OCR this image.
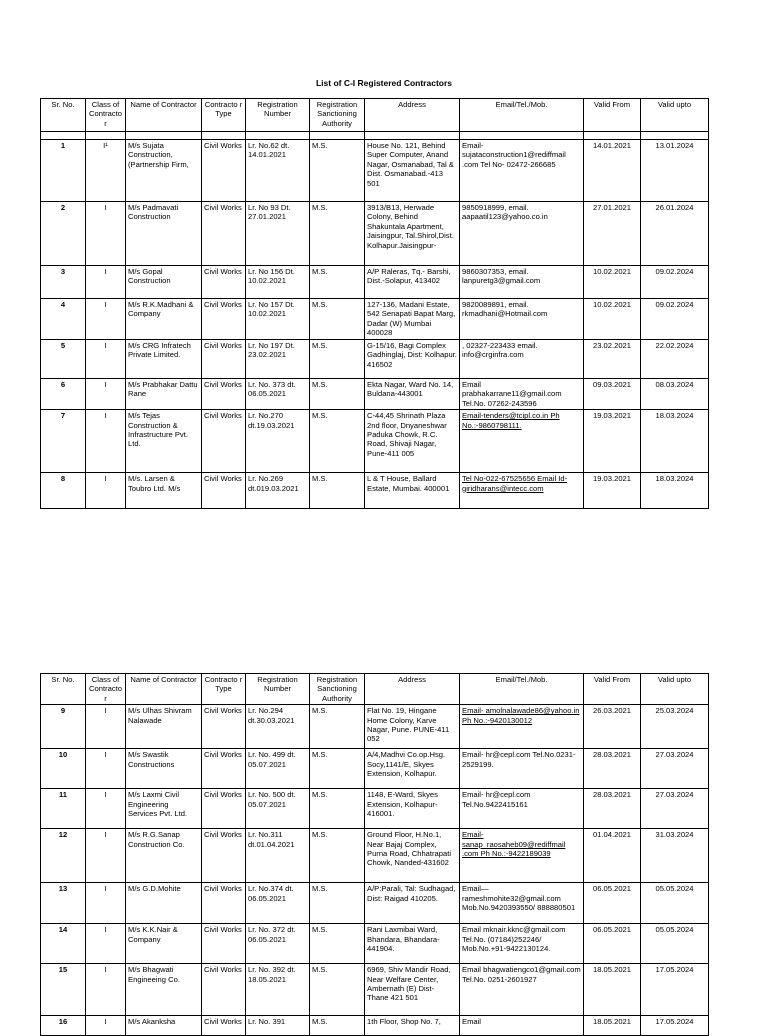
List of C-I Registered Contractors
Sr. No.	Class of Contracto r	Name of Contractor	Contracto r Type	Registration Number	Registration Sanctioning Authority	Address	Email/Tel./Mob.	Valid From	Valid upto

1	I¹	M/s Sujata Construction, (Partnership Firm,	Civil Works	Lr. No.62 dt. 14.01.2021	M.S.	House No. 121, Behind Super Computer, Anand Nagar, Osmanabad, Tal & Dist. Osmanabad.-413 501	Email- sujataconstruction1@rediffmail .com Tel No- 02472-266685	14.01.2021	13.01.2024
2	I	M/s Padmavati Construction	Civil Works	Lr. No 93 Dt. 27.01.2021	M.S.	3913/B13, Herwade Colony, Behind Shakuntala Apartment, Jaisingpur, Tal.Shirol,Dist. Kolhapur.Jaisingpur-	9850918999, email. aapaatil123@yahoo.co.in	27.01.2021	26.01.2024
3	I	M/s Gopal Construction	Civil Works	Lr. No 156 Dt. 10.02.2021	M.S.	A/P Raleras, Tq.- Barshi, Dist.-Solapur, 413402	9860307353, email. lanpuretg3@gmail.com	10.02.2021	09.02.2024
4	I	M/s R.K.Madhani & Company	Civil Works	Lr. No 157 Dt. 10.02.2021	M.S.	127-136, Madani Estate, 542 Senapati Bapat Marg, Dadar (W) Mumbai 400028	9820089891, email. rkmadhani@Hotmail.com	10.02.2021	09.02.2024
5	I	M/s CRG Infratech Private Limited.	Civil Works	Lr. No 197 Dt. 23.02.2021	M.S.	G-15/16, Bagi Complex Gadhinglaj, Dist: Kolhapur. 416502	, 02327-223433 email. info@crginfra.com	23.02.2021	22.02.2024
6	I	M/s Prabhakar Dattu Rane	Civil Works	Lr. No. 373 dt. 06.05.2021	M.S.	Ekta Nagar, Ward No. 14, Buldana-443001	Email prabhakarrane11@gmail.com Tel.No. 07262-243596	09.03.2021	08.03.2024
7	I	M/s Tejas Construction & Infrastructure Pvt. Ltd.	Civil Works	Lr. No.270 dt.19.03.2021	M.S.	C-44,45 Shrinath Plaza 2nd floor, Dnyaneshwar Paduka Chowk, R.C. Road, Shivaji Nagar, Pune-411 005	Email-tenders@tcipl.co.in Ph No.:-9860798111.	19.03.2021	18.03.2024
8	I	M/s. Larsen & Toubro Ltd. M/s	Civil Works	Lr. No.269 dt.019.03.2021	M.S.	L & T House, Ballard Estate, Mumbai. 400001	Tel No-022-67525656 Email Id- giridharans@intecc.com	19.03.2021	18.03.2024
Sr. No.	Class of Contracto r	Name of Contractor	Contracto r Type	Registration Number	Registration Sanctioning Authority	Address	Email/Tel./Mob.	Valid From	Valid upto
9	I	M/s Ulhas Shivram Nalawade	Civil Works	Lr. No.294 dt.30.03.2021	M.S.	Flat No. 19, Hingane Home Colony, Karve Nagar, Pune. PUNE-411 052	Email- amolnalawade86@yahoo.in Ph No.:-9420130012	26.03.2021	25.03.2024
10	I	M/s Swastik Constructions	Civil Works	Lr. No. 499 dt. 05.07.2021	M.S.	A/4,Madhvi Co.op.Hsg. Socy,1141/E, Skyes Extension, Kolhapur.	Email- hr@cepl.com Tel.No.0231-2529199.	28.03.2021	27.03.2024
11	I	M/s Laxmi Civil Engineering Services Pvt. Ltd.	Civil Works	Lr. No. 500 dt. 05.07.2021	M.S.	1148, E-Ward, Skyes Extension, Kolhapur-416001.	Email- hr@cepl.com Tel.No.9422415161	28.03.2021	27.03.2024
12	I	M/s R.G.Sanap Construction Co.	Civil Works	Lr. No.311 dt.01.04.2021	M.S.	Ground Floor, H.No.1, Near Bajaj Complex, Purna Road, Chhatrapati Chowk, Nanded-431602	Email- sanap_raosaheb09@rediffmail .com Ph No.:-9422189039	01.04.2021	31.03.2024
13	I	M/s G.D.Mohite	Civil Works	Lr. No.374 dt. 06.05.2021	M.S.	A/P:Parali, Tal: Sudhagad, Dist: Raigad 410205.	Email— rameshmohite32@gmail.com Mob.No.9420393550/ 888880501	06.05.2021	05.05.2024
14	I	M/s K.K.Nair & Company	Civil Works	Lr. No. 372 dt. 06.05.2021	M.S.	Rani Laxmibai Ward, Bhandara, Bhandara-441904.	Email mknair.kknc@gmail.com Tel.No. (07184)252246/ Mob.No.+91-9422130124.	06.05.2021	05.05.2024
15	I	M/s Bhagwati Engineeing Co.	Civil Works	Lr. No. 392 dt. 18.05.2021	M.S.	6969, Shiv Mandir Road, Near Welfare Center, Ambernath (E) Dist- Thane 421 501	Email bhagwatiengco1@gmail.com Tel.No. 0251-2601927	18.05.2021	17.05.2024
16	I	M/s Akanksha	Civil Works	Lr. No. 391	M.S.	1th Floor, Shop No. 7,	Email	18.05.2021	17.05.2024
